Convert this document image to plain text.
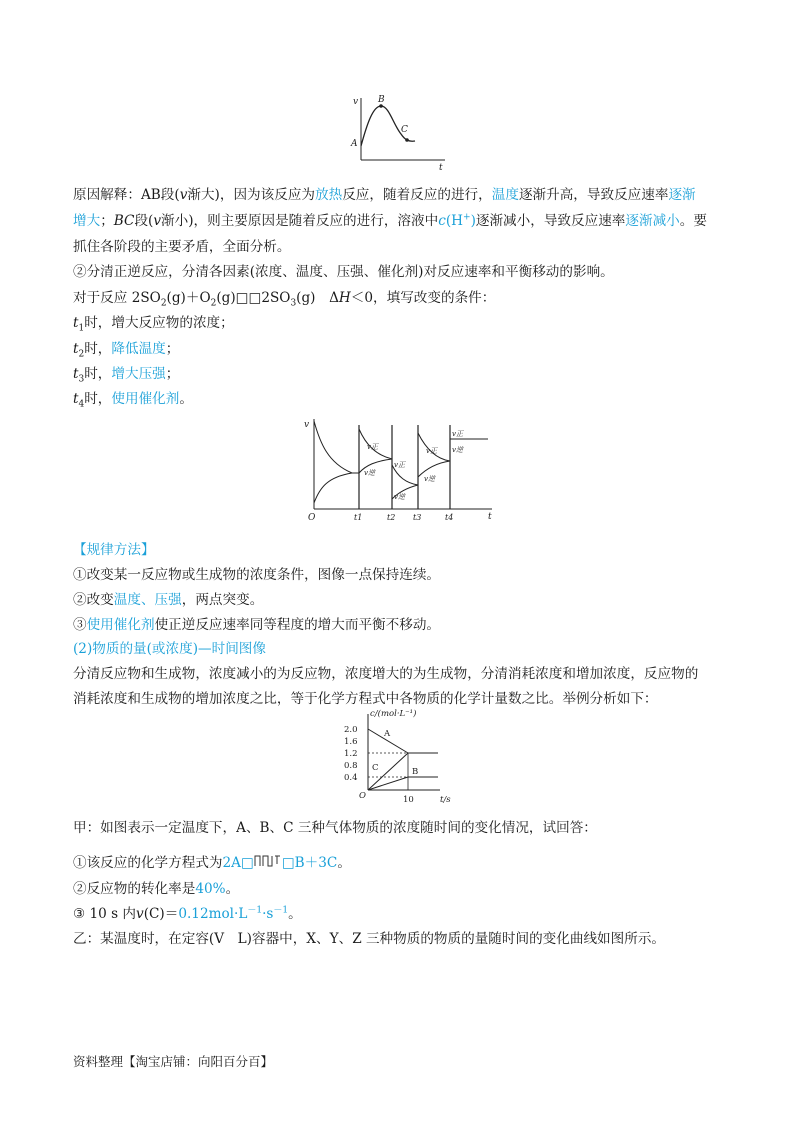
v
t
A
B
C
原因解释：AB段(v渐大)，因为该反应为放热反应，随着反应的进行，温度逐渐升高，导致反应速率逐渐
增大；BC段(v渐小)，则主要原因是随着反应的进行，溶液中c(H+)逐渐减小，导致反应速率逐渐减小。要
抓住各阶段的主要矛盾，全面分析。
②分清正逆反应，分清各因素(浓度、温度、压强、催化剂)对反应速率和平衡移动的影响。
对于反应 $2SO_2(g)+O_2(g)□□2SO_3(g)$　ΔH＜0，填写改变的条件：
$t_1$时，增大反应物的浓度；
$t_2$时，降低温度；
$t_3$时，增大压强；
$t_4$时，使用催化剂。
v
O	t
t1	t2 t3	t4
v正
v逆
v正
v逆
v正
v逆
v正
v逆
【规律方法】
①改变某一反应物或生成物的浓度条件，图像一点保持连续。
②改变温度、压强，两点突变。
③使用催化剂使正逆反应速率同等程度的增大而平衡不移动。
(2)物质的量(或浓度)—时间图像
分清反应物和生成物，浓度减小的为反应物，浓度增大的为生成物，分清消耗浓度和增加浓度，反应物的
消耗浓度和生成物的增加浓度之比，等于化学方程式中各物质的化学计量数之比。举例分析如下：
c/(mol·L⁻¹)
2.0
1.6
1.2
0.8
0.4
O	10	t/s
A
B
C
甲：如图表示一定温度下，A、B、C 三种气体物质的浓度随时间的变化情况，试回答：
①该反应的化学方程式为2A□ □B＋3C。
②反应物的转化率是40%。
③ 10 s 内$v(C)=0.12mol\cdot L^{-1}\cdot s^{-1}$。
乙：某温度时，在定容(V　L)容器中，X、Y、Z 三种物质的物质的量随时间的变化曲线如图所示。
资料整理【淘宝店铺：向阳百分百】
